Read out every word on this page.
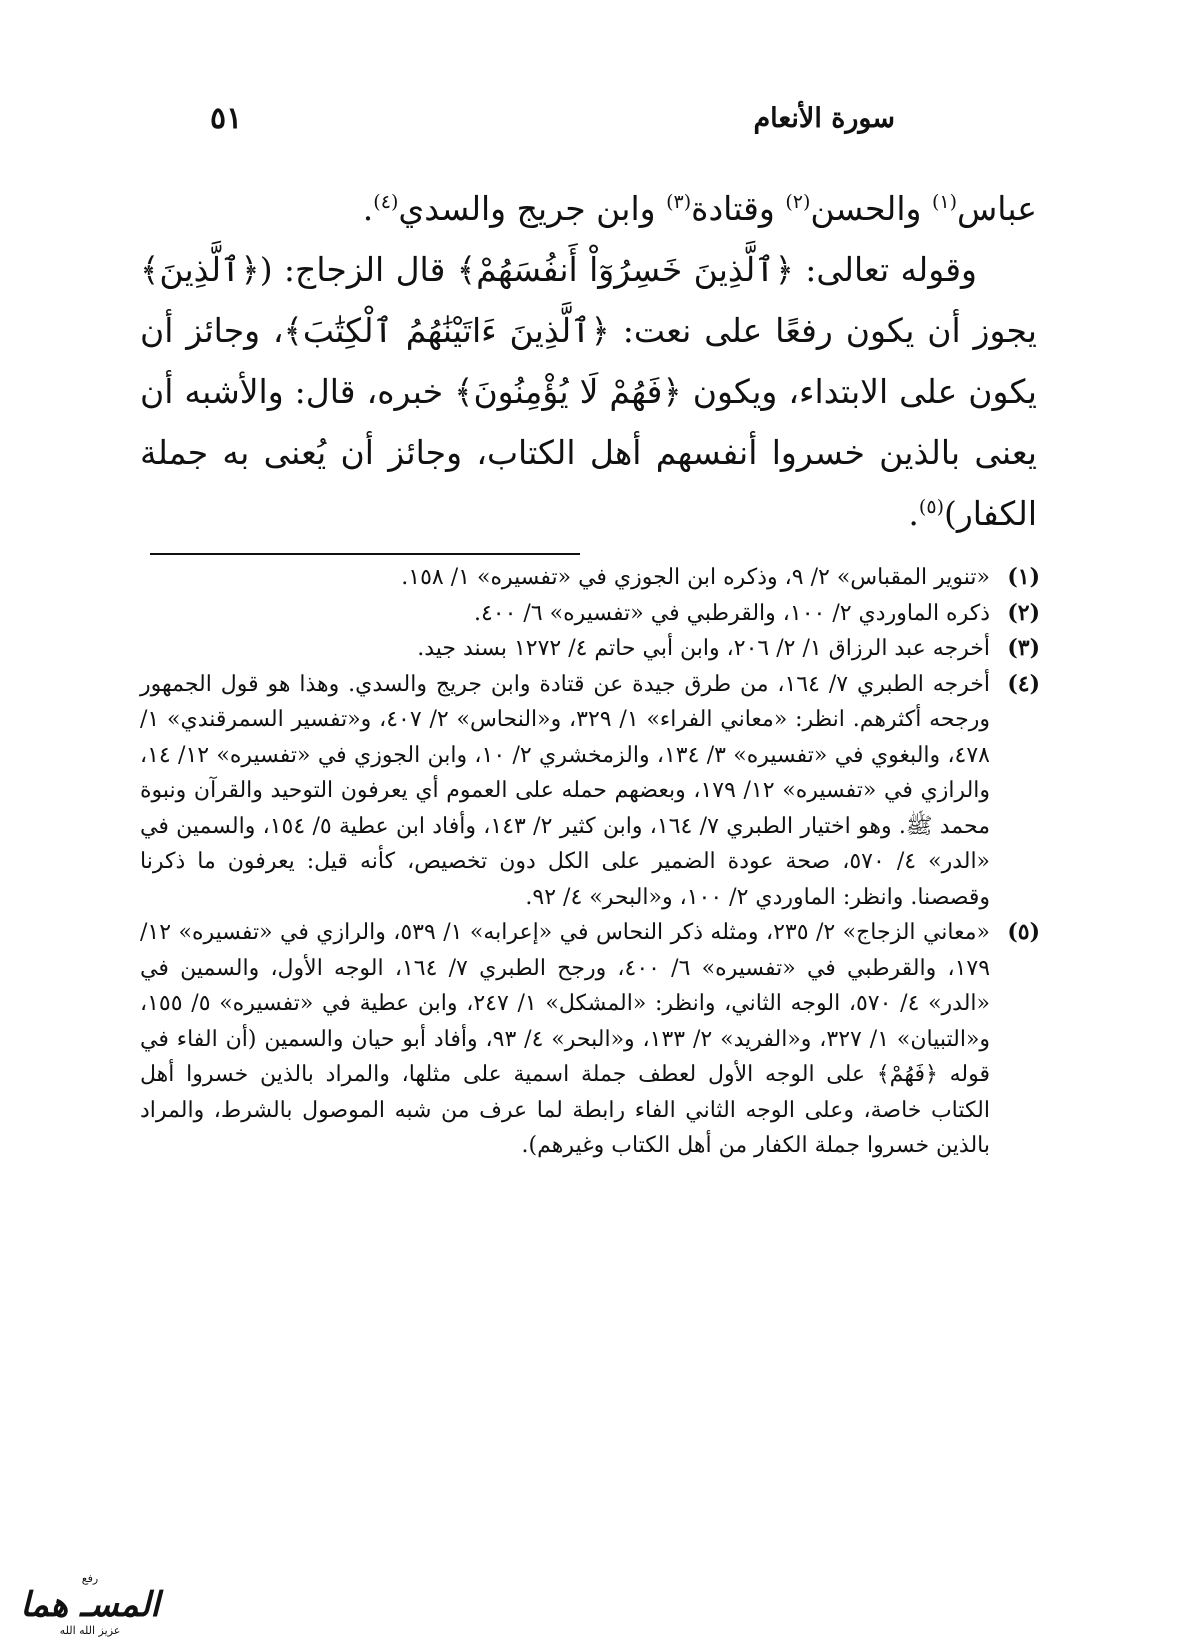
سورة الأنعام
٥١

عباس$^{(١)}$ والحسن$^{(٢)}$ وقتادة$^{(٣)}$ وابن جريج والسدي$^{(٤)}$.

وقوله تعالى: ﴿ٱلَّذِينَ خَسِرُوٓاْ أَنفُسَهُمْ﴾ قال الزجاج: (﴿ٱلَّذِينَ﴾ يجوز أن يكون رفعًا على نعت: ﴿ٱلَّذِينَ ءَاتَيْنَٰهُمُ ٱلْكِتَٰبَ﴾، وجائز أن يكون على الابتداء، ويكون ﴿فَهُمْ لَا يُؤْمِنُونَ﴾ خبره، قال: والأشبه أن يعنى بالذين خسروا أنفسهم أهل الكتاب، وجائز أن يُعنى به جملة الكفار)$^{(٥)}$.

(١)
«تنوير المقباس» ٢/ ٩، وذكره ابن الجوزي في «تفسيره» ١/ ١٥٨.
(٢)
ذكره الماوردي ٢/ ١٠٠، والقرطبي في «تفسيره» ٦/ ٤٠٠.
(٣)
أخرجه عبد الرزاق ١/ ٢/ ٢٠٦، وابن أبي حاتم ٤/ ١٢٧٢ بسند جيد.
(٤)
أخرجه الطبري ٧/ ١٦٤، من طرق جيدة عن قتادة وابن جريج والسدي. وهذا هو قول الجمهور ورجحه أكثرهم. انظر: «معاني الفراء» ١/ ٣٢٩، و«النحاس» ٢/ ٤٠٧، و«تفسير السمرقندي» ١/ ٤٧٨، والبغوي في «تفسيره» ٣/ ١٣٤، والزمخشري ٢/ ١٠، وابن الجوزي في «تفسيره» ١٢/ ١٤، والرازي في «تفسيره» ١٢/ ١٧٩، وبعضهم حمله على العموم أي يعرفون التوحيد والقرآن ونبوة محمد ﷺ. وهو اختيار الطبري ٧/ ١٦٤، وابن كثير ٢/ ١٤٣، وأفاد ابن عطية ٥/ ١٥٤، والسمين في «الدر» ٤/ ٥٧٠، صحة عودة الضمير على الكل دون تخصيص، كأنه قيل: يعرفون ما ذكرنا وقصصنا. وانظر: الماوردي ٢/ ١٠٠، و«البحر» ٤/ ٩٢.
(٥)
«معاني الزجاج» ٢/ ٢٣٥، ومثله ذكر النحاس في «إعرابه» ١/ ٥٣٩، والرازي في «تفسيره» ١٢/ ١٧٩، والقرطبي في «تفسيره» ٦/ ٤٠٠، ورجح الطبري ٧/ ١٦٤، الوجه الأول، والسمين في «الدر» ٤/ ٥٧٠، الوجه الثاني، وانظر: «المشكل» ١/ ٢٤٧، وابن عطية في «تفسيره» ٥/ ١٥٥، و«التبيان» ١/ ٣٢٧، و«الفريد» ٢/ ١٣٣، و«البحر» ٤/ ٩٣، وأفاد أبو حيان والسمين (أن الفاء في قوله ﴿فَهُمْ﴾ على الوجه الأول لعطف جملة اسمية على مثلها، والمراد بالذين خسروا أهل الكتاب خاصة، وعلى الوجه الثاني الفاء رابطة لما عرف من شبه الموصول بالشرط، والمراد بالذين خسروا جملة الكفار من أهل الكتاب وغيرهم).
رفع
المسـ هما
عزيز الله الله
